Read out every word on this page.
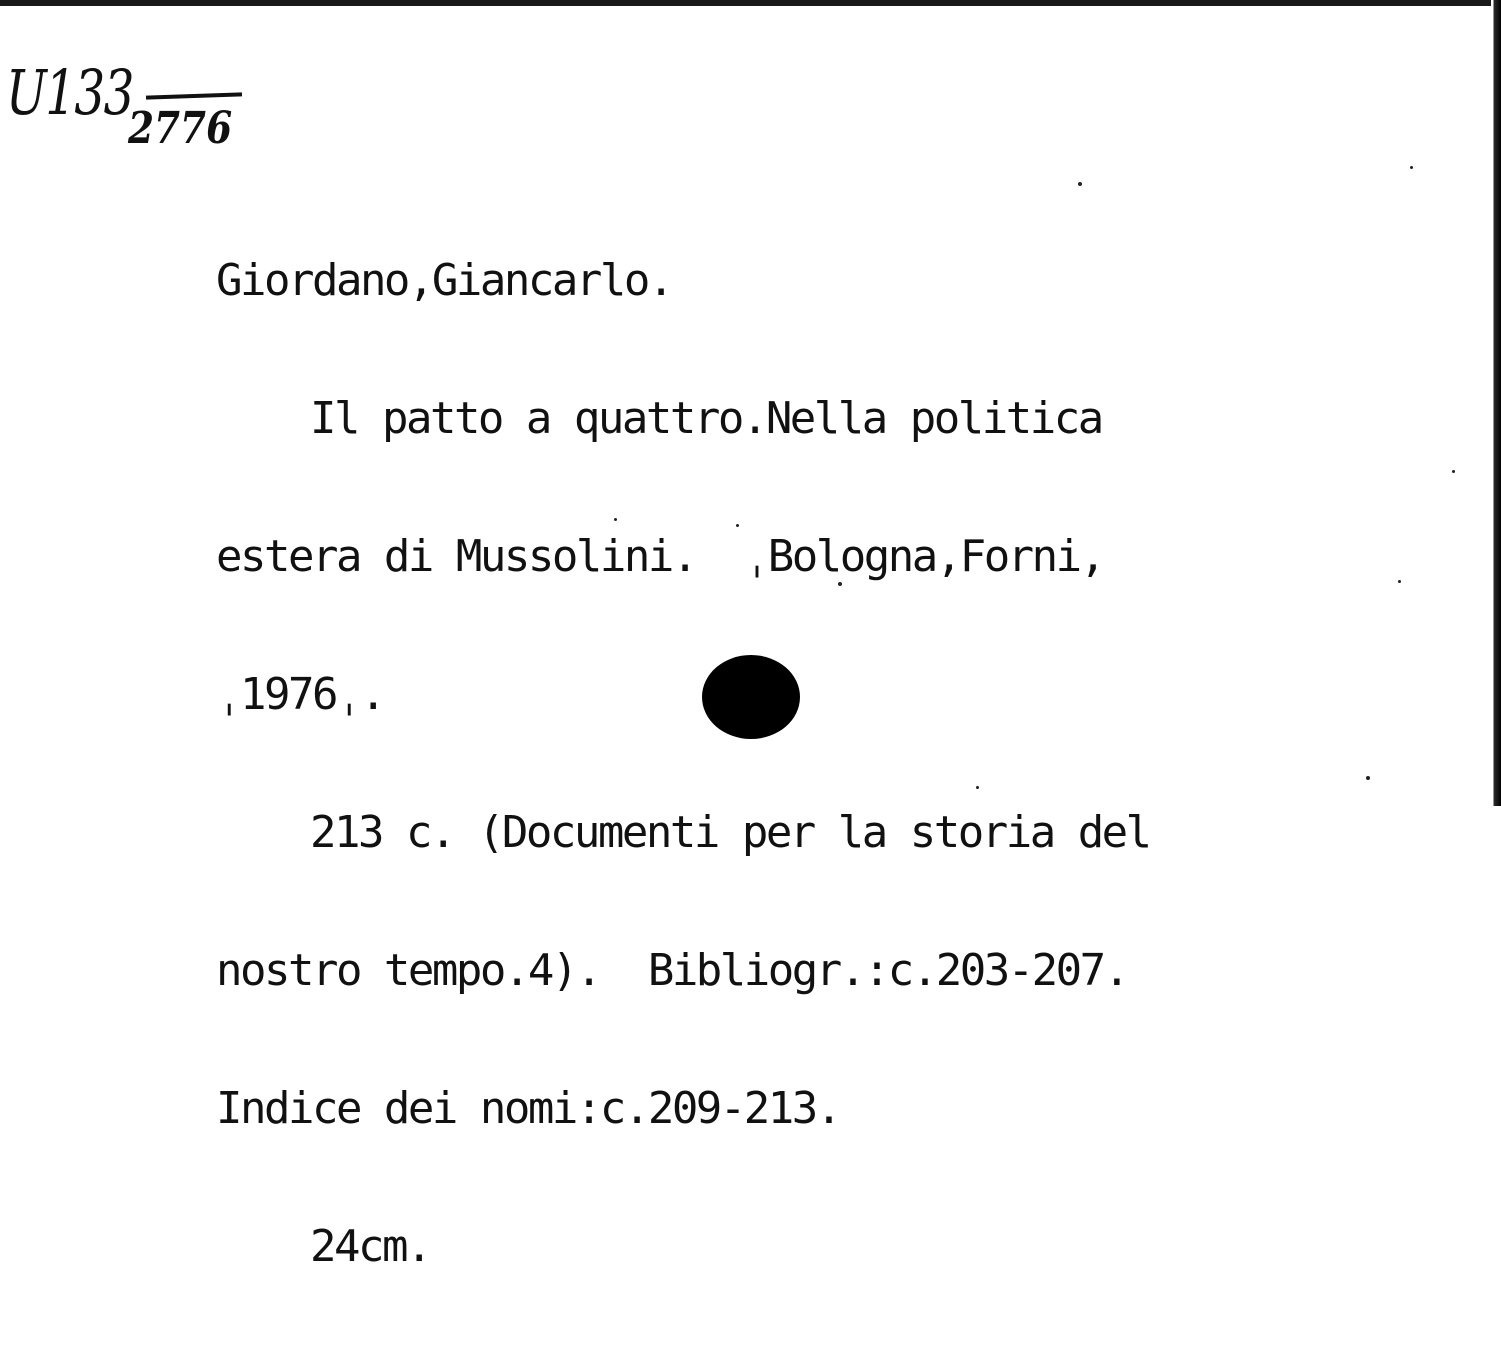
U133
2776

Giordano,Giancarlo.

Il patto a quattro.Nella politica

estera di Mussolini.  ˌBologna,Forni,

ˌ1976ˌ.

213 c. (Documenti per la storia del

nostro tempo.4).  Bibliogr.:c.203-207.

Indice dei nomi:c.209-213.

24cm.
